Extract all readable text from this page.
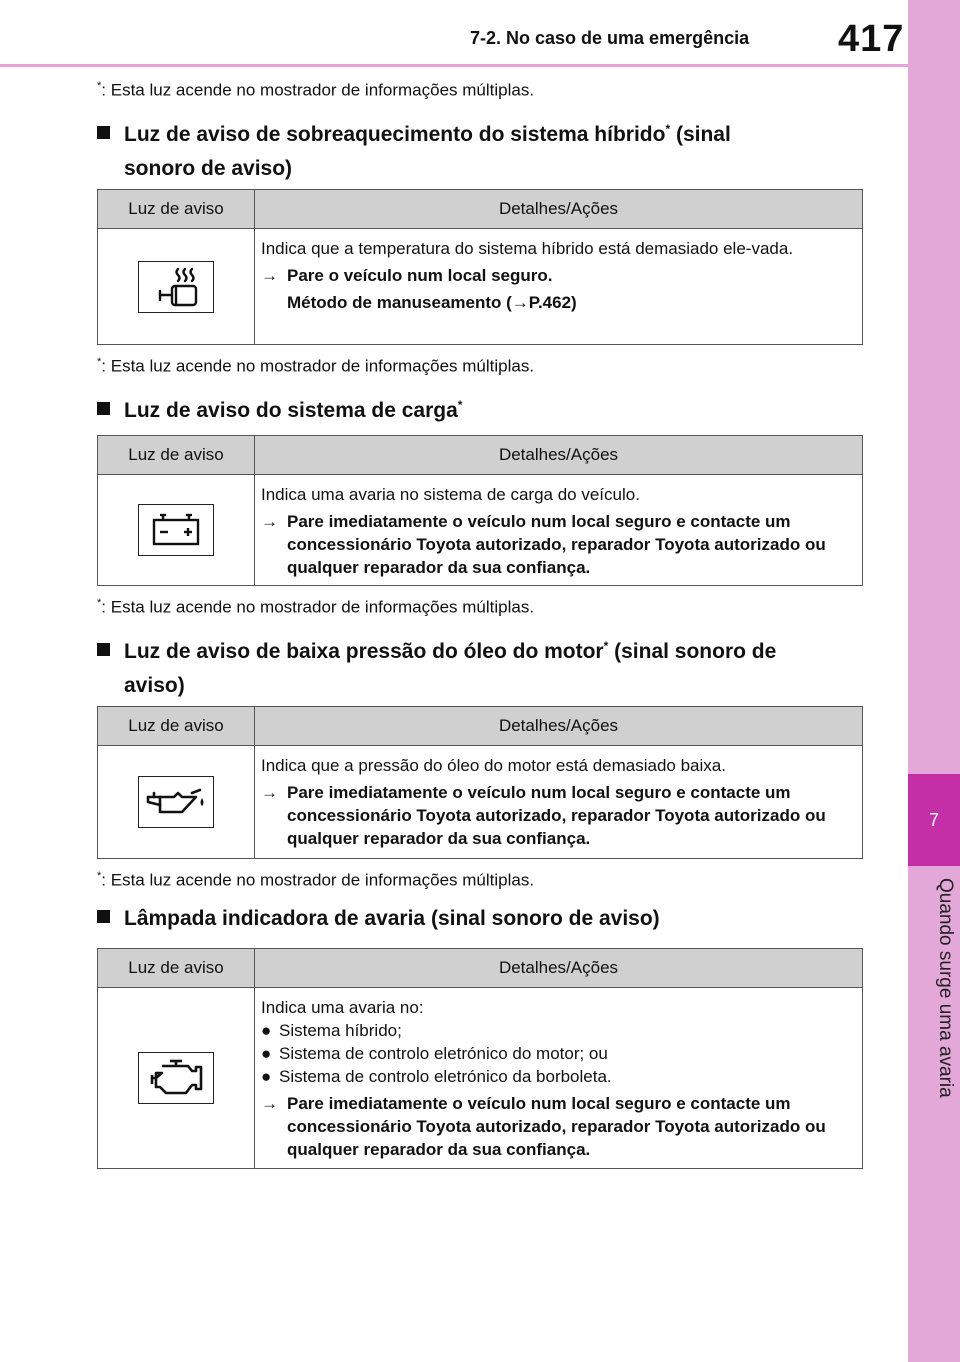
7-2. No caso de uma emergência 417
7
Quando surge uma avaria
*: Esta luz acende no mostrador de informações múltiplas.
Luz de aviso de sobreaquecimento do sistema híbrido* (sinal
sonoro de aviso)
Luz de aviso	Detalhes/Ações
Indica que a temperatura do sistema híbrido está demasiado ele-vada.
→ Pare o veículo num local seguro.
Método de manuseamento (→P.462)
*: Esta luz acende no mostrador de informações múltiplas.
Luz de aviso do sistema de carga*
Luz de aviso	Detalhes/Ações
Indica uma avaria no sistema de carga do veículo.
→ Pare imediatamente o veículo num local seguro e contacte um concessionário Toyota autorizado, reparador Toyota autorizado ou qualquer reparador da sua confiança.
*: Esta luz acende no mostrador de informações múltiplas.
Luz de aviso de baixa pressão do óleo do motor* (sinal sonoro de
aviso)
Luz de aviso	Detalhes/Ações
Indica que a pressão do óleo do motor está demasiado baixa.
→ Pare imediatamente o veículo num local seguro e contacte um concessionário Toyota autorizado, reparador Toyota autorizado ou qualquer reparador da sua confiança.
*: Esta luz acende no mostrador de informações múltiplas.
Lâmpada indicadora de avaria (sinal sonoro de aviso)
Luz de aviso	Detalhes/Ações
Indica uma avaria no:
● Sistema híbrido;
● Sistema de controlo eletrónico do motor; ou
● Sistema de controlo eletrónico da borboleta.
→ Pare imediatamente o veículo num local seguro e contacte um concessionário Toyota autorizado, reparador Toyota autorizado ou qualquer reparador da sua confiança.
